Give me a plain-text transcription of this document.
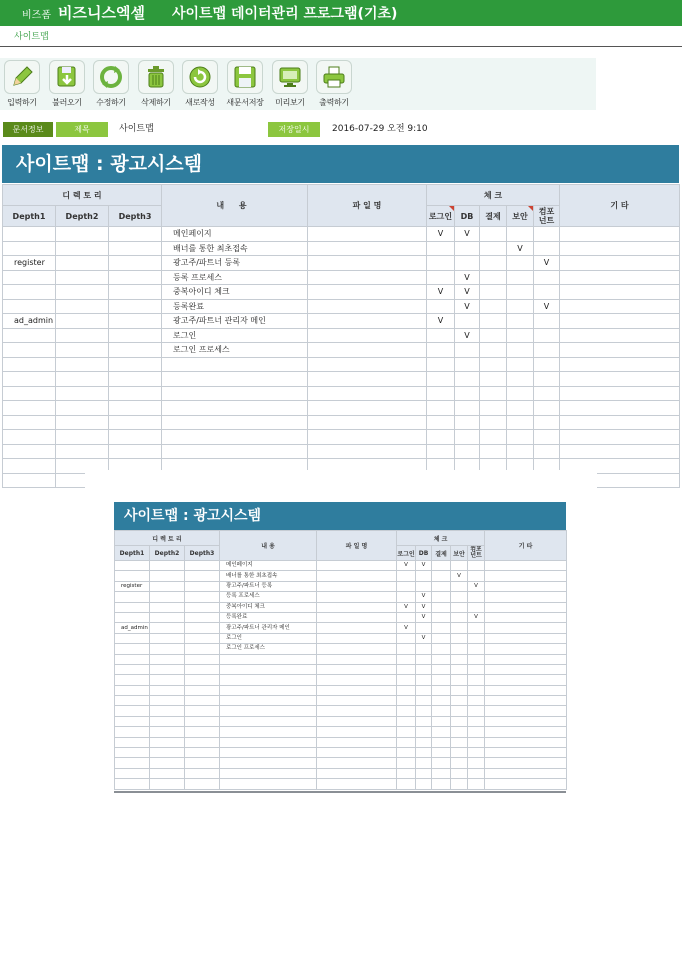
비즈폼 비즈니스엑셀 사이트맵 데이터관리 프로그램(기초)
사이트맵
입력하기	불러오기	수정하기	삭제하기	새로작성	새문서저장	미리보기	출력하기
문서정보	제목	사이트맵	저장일시	2016-07-29 오전 9:10
사이트맵 : 광고시스템
디 렉 토 리			내 용	파 일 명	체 크					기 타
Depth1	Depth2	Depth3			로그인	DB	결제	보안	컴포
넌트	
			메인페이지		V	V				
			배너를 통한 최초접속					V		
register			광고주/파트너 등록						V	
			등록 프로세스			V				
			중복아이디 체크		V	V				
			등록완료			V			V	
ad_admin			광고주/파트너 관리자 메인		V					
			로그인			V				
			로그인 프로세스							

사이트맵 : 광고시스템
디 렉 토 리			내 용	파 일 명	체 크					기 타
Depth1	Depth2	Depth3			로그인	DB	결제	보안	컴포
넌트	
			메인페이지		V	V				
			배너를 통한 최초접속					V		
register			광고주/파트너 등록						V	
			등록 프로세스			V				
			중복아이디 체크		V	V				
			등록완료			V			V	
ad_admin			광고주/파트너 관리자 메인		V					
			로그인			V				
			로그인 프로세스							
